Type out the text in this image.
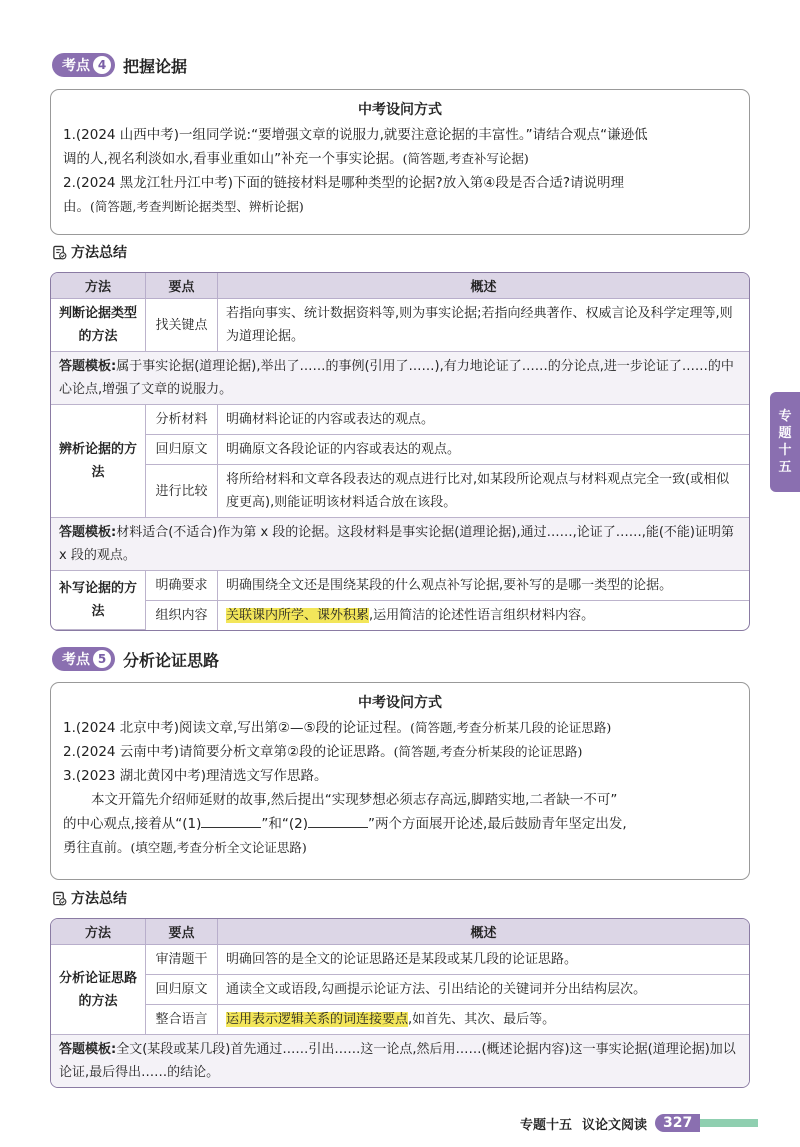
考点 4	把握论据
中考设问方式
1.(2024 山西中考)一组同学说:“要增强文章的说服力,就要注意论据的丰富性。”请结合观点“谦逊低
调的人,视名利淡如水,看事业重如山”补充一个事实论据。(简答题,考查补写论据)
2.(2024 黑龙江牡丹江中考)下面的链接材料是哪种类型的论据?放入第④段是否合适?请说明理
由。(简答题,考查判断论据类型、辨析论据)
方法总结
方法	要点	概述
判断论据类型的方法	找关键点	若指向事实、统计数据资料等,则为事实论据;若指向经典著作、权威言论及科学定理等,则为道理论据。
答题模板:属于事实论据(道理论据),举出了……的事例(引用了……),有力地论证了……的分论点,进一步论证了……的中心论点,增强了文章的说服力。		
辨析论据的方法	分析材料	明确材料论证的内容或表达的观点。
	回归原文	明确原文各段论证的内容或表达的观点。
	进行比较	将所给材料和文章各段表达的观点进行比对,如某段所论观点与材料观点完全一致(或相似度更高),则能证明该材料适合放在该段。
答题模板:材料适合(不适合)作为第 x 段的论据。这段材料是事实论据(道理论据),通过……,论证了……,能(不能)证明第 x 段的观点。		
补写论据的方法	明确要求	明确围绕全文还是围绕某段的什么观点补写论据,要补写的是哪一类型的论据。
	组织内容	关联课内所学、课外积累,运用简洁的论述性语言组织材料内容。
考点 5	分析论证思路
中考设问方式
1.(2024 北京中考)阅读文章,写出第②—⑤段的论证过程。(简答题,考查分析某几段的论证思路)
2.(2024 云南中考)请简要分析文章第②段的论证思路。(简答题,考查分析某段的论证思路)
3.(2023 湖北黄冈中考)理清选文写作思路。
本文开篇先介绍师延财的故事,然后提出“实现梦想必须志存高远,脚踏实地,二者缺一不可”
的中心观点,接着从“(1)	”和“(2)	”两个方面展开论述,最后鼓励青年坚定出发,
勇往直前。(填空题,考查分析全文论证思路)
方法总结
方法	要点	概述
分析论证思路的方法	审清题干	明确回答的是全文的论证思路还是某段或某几段的论证思路。
	回归原文	通读全文或语段,勾画提示论证方法、引出结论的关键词并分出结构层次。
	整合语言	运用表示逻辑关系的词连接要点,如首先、其次、最后等。
答题模板:全文(某段或某几段)首先通过……引出……这一论点,然后用……(概述论据内容)这一事实论据(道理论据)加以论证,最后得出……的结论。		
专
题
十
五
专题十五 议论文阅读	327
